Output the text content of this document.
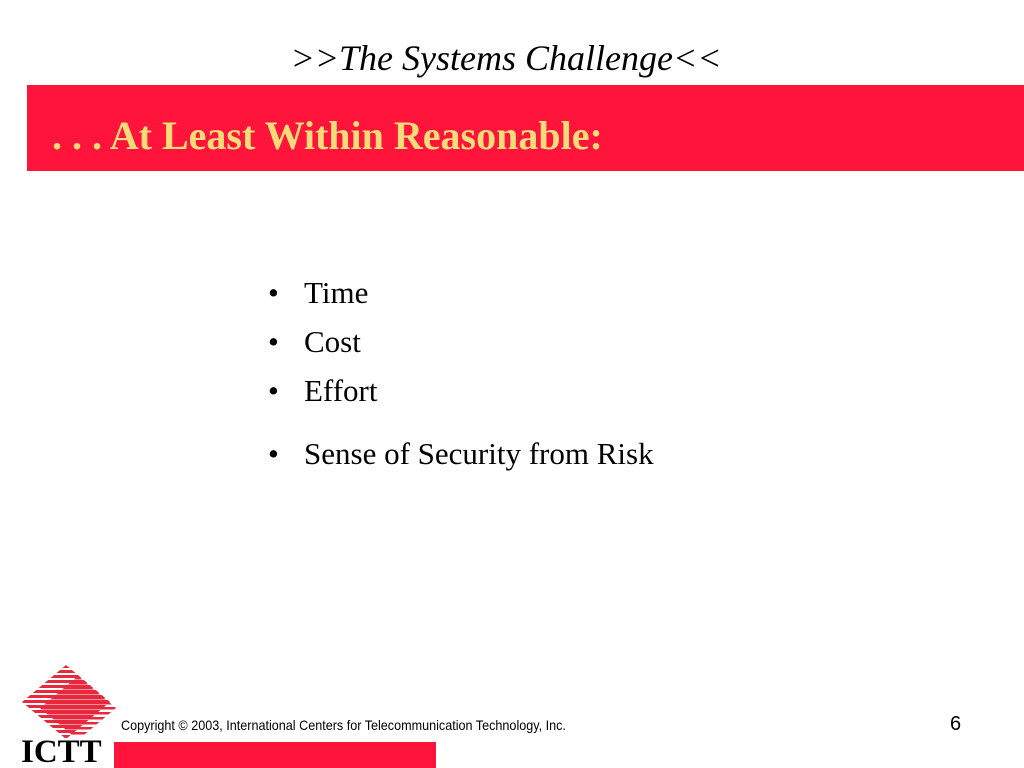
>>The Systems Challenge<<
. . . At Least Within Reasonable:
• Time
• Cost
• Effort
• Sense of Security from Risk
ICTT
Copyright © 2003, International Centers for Telecommunication Technology, Inc.	6
